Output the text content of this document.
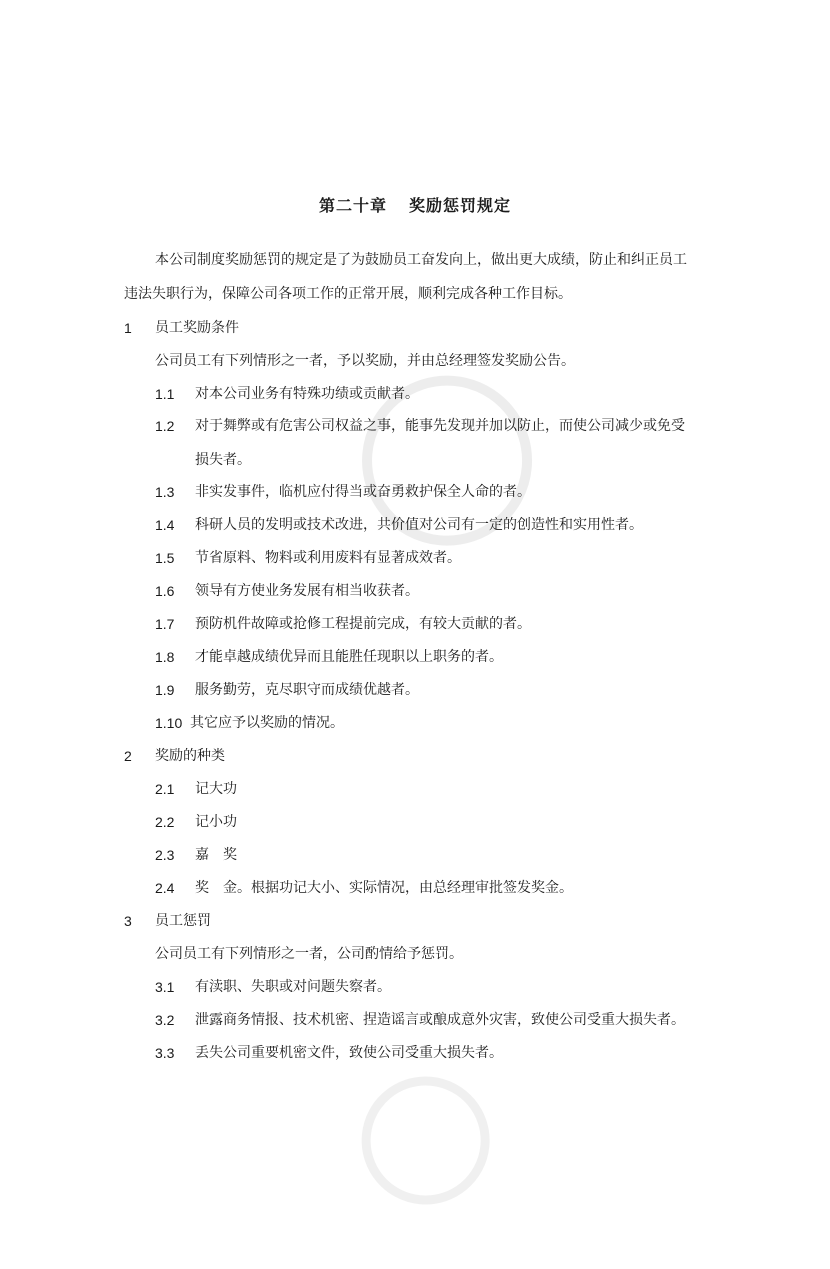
第二十章 奖励惩罚规定
本公司制度奖励惩罚的规定是了为鼓励员工奋发向上，做出更大成绩，防止和纠正员工
违法失职行为，保障公司各项工作的正常开展，顺利完成各种工作目标。
1 员工奖励条件
公司员工有下列情形之一者，予以奖励，并由总经理签发奖励公告。
1.1 对本公司业务有特殊功绩或贡献者。
1.2 对于舞弊或有危害公司权益之事，能事先发现并加以防止，而使公司减少或免受
损失者。
1.3 非实发事件，临机应付得当或奋勇救护保全人命的者。
1.4 科研人员的发明或技术改进，共价值对公司有一定的创造性和实用性者。
1.5 节省原料、物料或利用废料有显著成效者。
1.6 领导有方使业务发展有相当收获者。
1.7 预防机件故障或抢修工程提前完成，有较大贡献的者。
1.8 才能卓越成绩优异而且能胜任现职以上职务的者。
1.9 服务勤劳，克尽职守而成绩优越者。
1.10 其它应予以奖励的情况。
2 奖励的种类
2.1 记大功
2.2 记小功
2.3 嘉　奖
2.4 奖　金。根据功记大小、实际情况，由总经理审批签发奖金。
3 员工惩罚
公司员工有下列情形之一者，公司酌情给予惩罚。
3.1 有渎职、失职或对问题失察者。
3.2 泄露商务情报、技术机密、捏造谣言或酿成意外灾害，致使公司受重大损失者。
3.3 丢失公司重要机密文件，致使公司受重大损失者。
